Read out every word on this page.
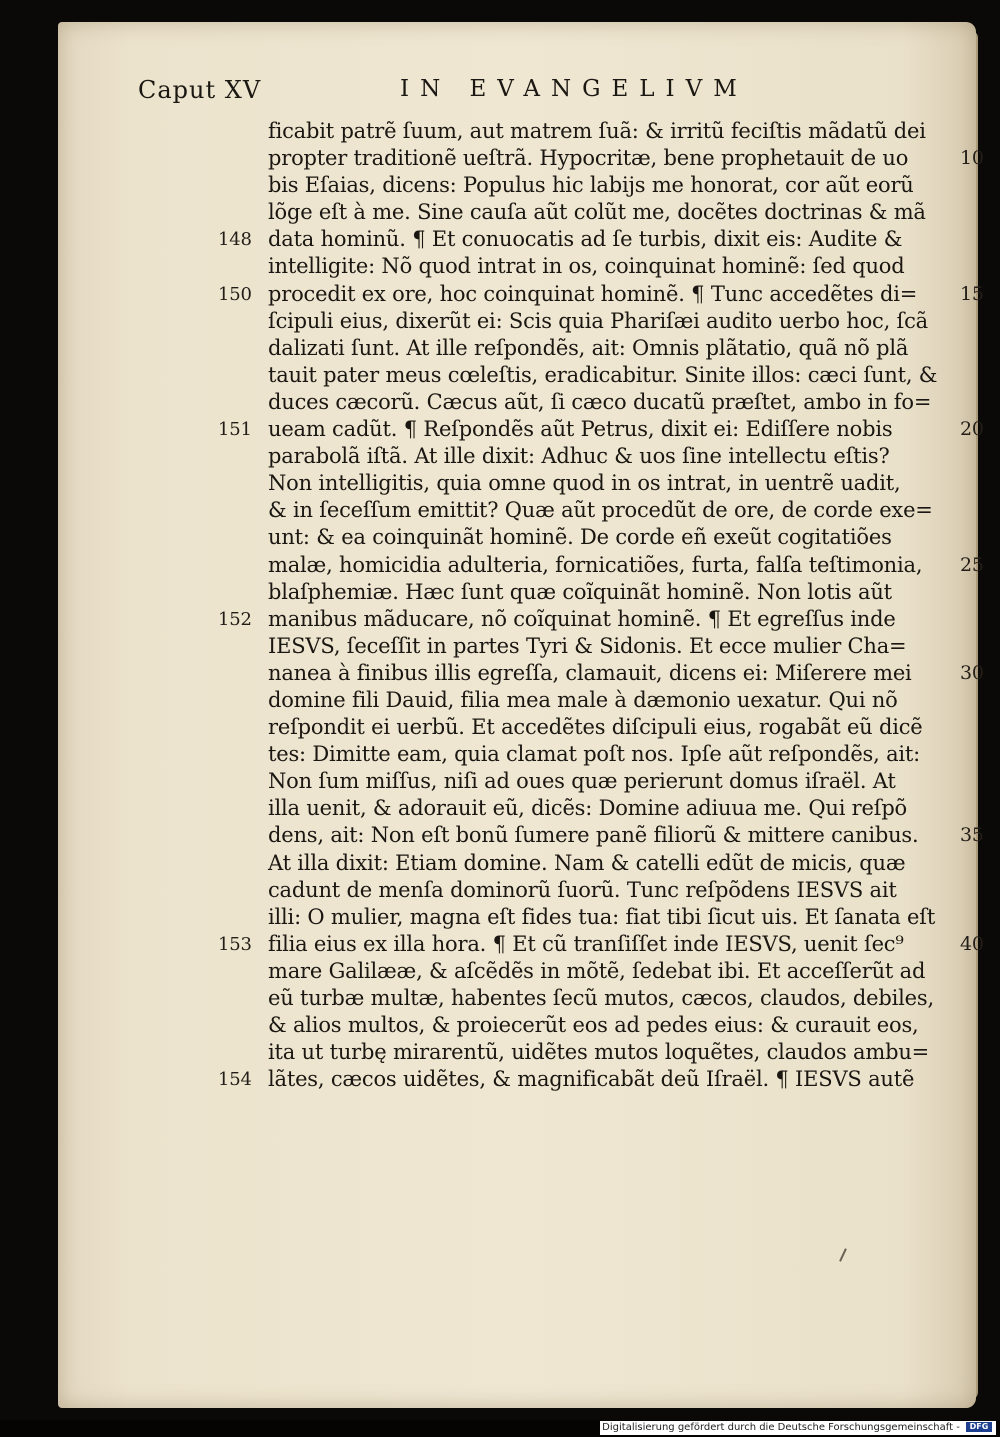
Caput XV	IN EVANGELIVM
ficabit patrẽ ſuum, aut matrem ſuã: & irritũ feciſtis mãdatũ dei
propter traditionẽ ueſtrã. Hypocritæ, bene prophetauit de uo	10
bis Eſaias, dicens: Populus hic labijs me honorat, cor aũt eorũ
lõge eſt à me. Sine cauſa aũt colũt me, docẽtes doctrinas & mã
data hominũ. ¶ Et conuocatis ad ſe turbis, dixit eis: Audite &
148
intelligite: Nõ quod intrat in os, coinquinat hominẽ: ſed quod
procedit ex ore, hoc coinquinat hominẽ. ¶ Tunc accedẽtes di=
150	15
ſcipuli eius, dixerũt ei: Scis quia Phariſæi audito uerbo hoc, ſcã
dalizati ſunt. At ille reſpondẽs, ait: Omnis plãtatio, quã nõ plã
tauit pater meus cœleſtis, eradicabitur. Sinite illos: cæci ſunt, &
duces cæcorũ. Cæcus aũt, ſi cæco ducatũ præſtet, ambo in fo=
ueam cadũt. ¶ Reſpondẽs aũt Petrus, dixit ei: Ediſſere nobis
151	20
parabolã iſtã. At ille dixit: Adhuc & uos ſine intellectu eſtis?
Non intelligitis, quia omne quod in os intrat, in uentrẽ uadit,
& in ſeceſſum emittit? Quæ aũt procedũt de ore, de corde exe=
unt: & ea coinquinãt hominẽ. De corde eñ exeũt cogitatiões
malæ, homicidia adulteria, fornicatiões, furta, falſa teſtimonia, 25
blaſphemiæ. Hæc ſunt quæ coĩquinãt hominẽ. Non lotis aũt
manibus mãducare, nõ coĩquinat hominẽ. ¶ Et egreſſus inde
152
IESVS, ſeceſſit in partes Tyri & Sidonis. Et ecce mulier Cha=
nanea à finibus illis egreſſa, clamauit, dicens ei: Miſerere mei	30
domine fili Dauid, filia mea male à dæmonio uexatur. Qui nõ
reſpondit ei uerbũ. Et accedẽtes diſcipuli eius, rogabãt eũ dicẽ
tes: Dimitte eam, quia clamat poſt nos. Ipſe aũt reſpondẽs, ait:
Non ſum miſſus, niſi ad oues quæ perierunt domus iſraël. At
illa uenit, & adorauit eũ, dicẽs: Domine adiuua me. Qui reſpõ
dens, ait: Non eſt bonũ ſumere panẽ filiorũ & mittere canibus. 35
At illa dixit: Etiam domine. Nam & catelli edũt de micis, quæ
cadunt de menſa dominorũ ſuorũ. Tunc reſpõdens IESVS ait
illi: O mulier, magna eſt fides tua: fiat tibi ſicut uis. Et ſanata eſt
filia eius ex illa hora. ¶ Et cũ tranſiſſet inde IESVS, uenit ſec⁹
153	40
mare Galilææ, & aſcẽdẽs in mõtẽ, ſedebat ibi. Et acceſſerũt ad
eũ turbæ multæ, habentes ſecũ mutos, cæcos, claudos, debiles,
& alios multos, & proiecerũt eos ad pedes eius: & curauit eos,
ita ut turbę mirarentũ, uidẽtes mutos loquẽtes, claudos ambu=
lãtes, cæcos uidẽtes, & magnificabãt deũ Iſraël. ¶ IESVS autẽ
154
Digitalisierung gefördert durch die Deutsche Forschungsgemeinschaft - DFG
